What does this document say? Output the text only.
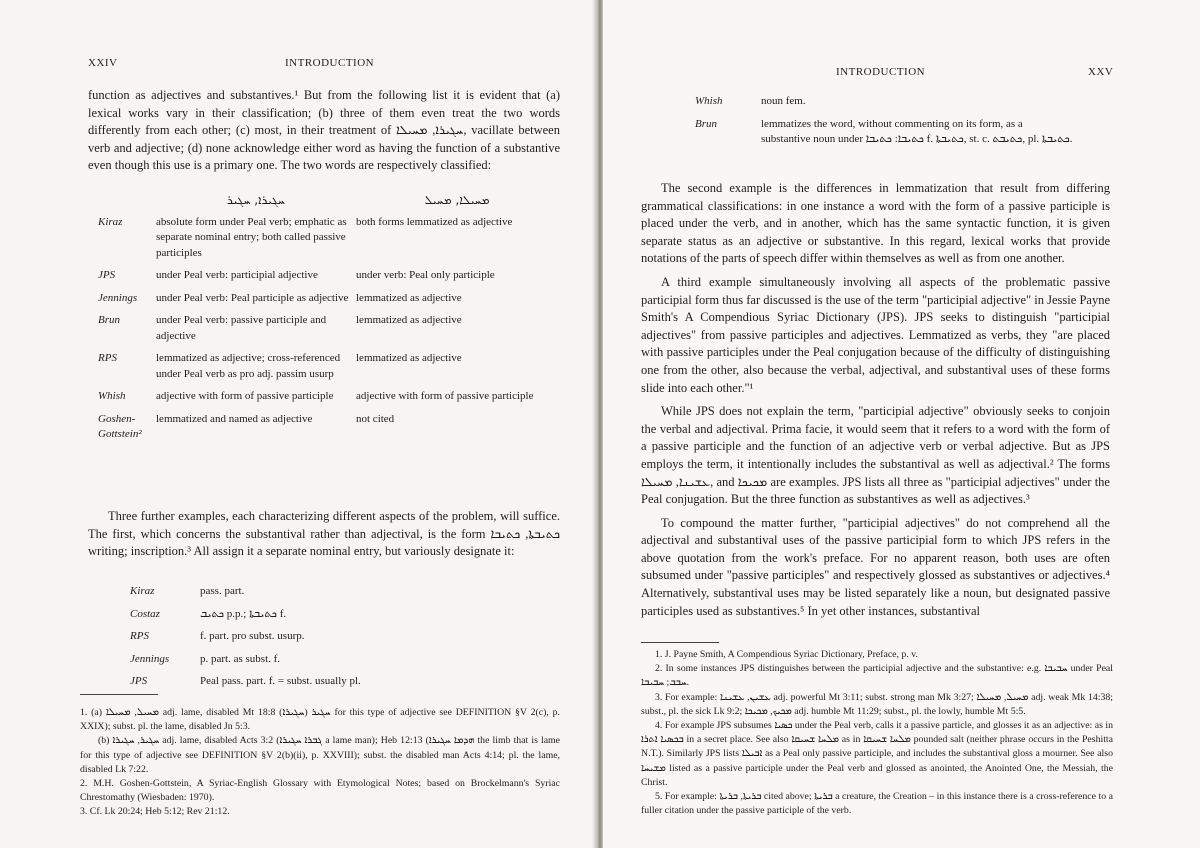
XXIV	INTRODUCTION

function as adjectives and substantives.¹ But from the following list it is evident that (a) lexical works vary in their classification; (b) three of them even treat the two words differently from each other; (c) most, in their treatment of ܚܓܝܪܐ, ܡܚܝܠܐ, vacillate between verb and adjective; (d) none acknowledge either word as having the function of a substantive even though this use is a primary one. The two words are respectively classified:

	ܚܓܝܪܐ, ܚܓܝܪ	ܡܚܝܠܐ, ܡܚܝܠ
Kiraz	absolute form under Peal verb; emphatic as separate nominal entry; both called passive participles	both forms lemmatized as adjective
JPS	under Peal verb: participial adjective	under verb: Peal only participle
Jennings	under Peal verb: Peal participle as adjective	lemmatized as adjective
Brun	under Peal verb: passive participle and adjective	lemmatized as adjective
RPS	lemmatized as adjective; cross-referenced under Peal verb as pro adj. passim usurp	lemmatized as adjective
Whish	adjective with form of passive participle	adjective with form of passive participle
Goshen-Gottstein²	lemmatized and named as adjective	not cited

Three further examples, each characterizing different aspects of the problem, will suffice. The first, which concerns the substantival rather than adjectival, is the form ܟܬܝܒܬܐ, ܟܬܝܒܐ writing; inscription.³ All assign it a separate nominal entry, but variously designate it:

Kiraz	pass. part.
Costaz	ܟܬܝܒ p.p.; ܟܬܝܒܬܐ f.
RPS	f. part. pro subst. usurp.
Jennings	p. part. as subst. f.
JPS	Peal pass. part. f. = subst. usually pl.

1. (a) ܡܚܝܠ, ܡܚܝܠܐ adj. lame, disabled Mt 18:8 (ܚܓܝܪܐ) ܚܓܝܪ for this type of adjective see DEFINITION §V 2(c), p. XXIX); subst. pl. the lame, disabled Jn 5:3.

(b) ܚܓܝܪ, ܚܓܝܪܐ adj. lame, disabled Acts 3:2 (ܓܒܪܐ ܚܓܝܪܐ a lame man); Heb 12:13 (ܗܕܡܐ ܚܓܝܪܐ the limb that is lame for this type of adjective see DEFINITION §V 2(b)(ii), p. XXVIII); subst. the disabled man Acts 4:14; pl. the lame, disabled Lk 7:22.

2. M.H. Goshen-Gottstein, A Syriac-English Glossary with Etymological Notes; based on Brockelmann's Syriac Chrestomathy (Wiesbaden: 1970).

3. Cf. Lk 20:24; Heb 5:12; Rev 21:12.

INTRODUCTION	XXV
Whish	noun fem.
Brun	lemmatizes the word, without commenting on its form, as a substantive noun under ܟܬܝܒܐ: ܟܬܝܒܐ f. ܟܬܝܒܬܐ, st. c. ܟܬܝܒܬ, pl. ܟܬܝܒܬܐ.

The second example is the differences in lemmatization that result from differing grammatical classifications: in one instance a word with the form of a passive participle is placed under the verb, and in another, which has the same syntactic function, it is given separate status as an adjective or substantive. In this regard, lexical works that provide notations of the parts of speech differ within themselves as well as from one another.

A third example simultaneously involving all aspects of the problematic passive participial form thus far discussed is the use of the term "participial adjective" in Jessie Payne Smith's A Compendious Syriac Dictionary (JPS). JPS seeks to distinguish "participial adjectives" from passive participles and adjectives. Lemmatized as verbs, they "are placed with passive participles under the Peal conjugation because of the difficulty of distinguishing one from the other, also because the verbal, adjectival, and substantival uses of these forms slide into each other."¹

While JPS does not explain the term, "participial adjective" obviously seeks to conjoin the verbal and adjectival. Prima facie, it would seem that it refers to a word with the form of a passive participle and the function of an adjective verb or verbal adjective. But as JPS employs the term, it intentionally includes the substantival as well as adjectival.² The forms ܥܫܝܢܐ, ܡܚܝܠܐ, and ܡܟܝܟܐ are examples. JPS lists all three as "participial adjectives" under the Peal conjugation. But the three function as substantives as well as adjectives.³

To compound the matter further, "participial adjectives" do not comprehend all the adjectival and substantival uses of the passive participial form to which JPS refers in the above quotation from the work's preface. For no apparent reason, both uses are often subsumed under "passive participles" and respectively glossed as substantives or adjectives.⁴ Alternatively, substantival uses may be listed separately like a noun, but designated passive participles used as substantives.⁵ In yet other instances, substantival

1. J. Payne Smith, A Compendious Syriac Dictionary, Preface, p. v.

2. In some instances JPS distinguishes between the participial adjective and the substantive: e.g. ܚܒܝܒܐ under Peal ܚܒܒ; ܚܒܝܒܐ.

3. For example: ܥܫܝܢ, ܥܫܝܢܐ adj. powerful Mt 3:11; subst. strong man Mk 3:27; ܡܚܝܠ, ܡܚܝܠܐ adj. weak Mk 14:38; subst., pl. the sick Lk 9:2; ܡܟܝܟ, ܡܟܝܟܐ adj. humble Mt 11:29; subst., pl. the lowly, humble Mt 5:5.

4. For example JPS subsumes ܟܣܝܐ under the Peal verb, calls it a passive particle, and glosses it as an adjective: as in ܒܟܣܝܐ ܐܬܪܐ in a secret place. See also ܡܠܚܐ ܫܚܝܩܐ as in ܡܠܚܐ ܫܚܝܩܐ pounded salt (neither phrase occurs in the Peshitta N.T.). Similarly JPS lists ܐܒܝܠܐ as a Peal only passive participle, and includes the substantival gloss a mourner. See also ܡܫܝܚܐ listed as a passive participle under the Peal verb and glossed as anointed, the Anointed One, the Messiah, the Christ.

5. For example: ܒܪܝܬܐ, ܒܪܝܬܐ cited above; ܒܪܝܬܐ a creature, the Creation – in this instance there is a cross-reference to a fuller citation under the passive participle of the verb.
